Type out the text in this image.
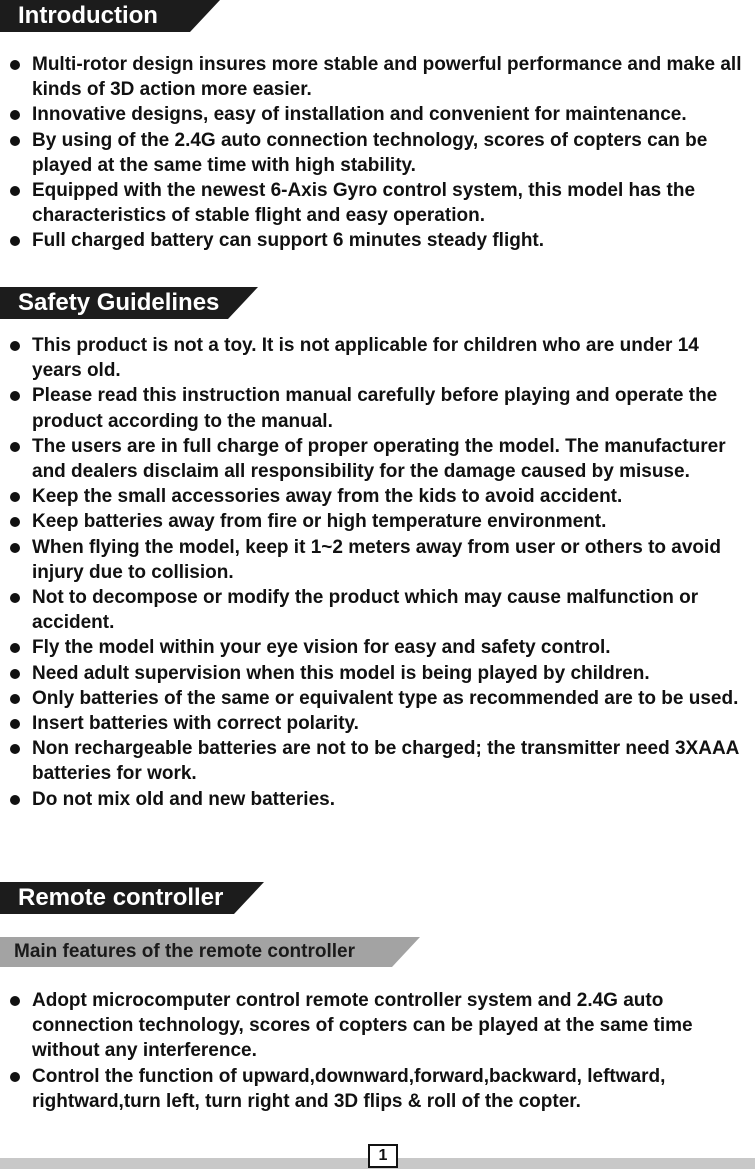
Introduction
Multi-rotor design insures more stable and powerful performance and make all kinds of 3D action more easier.
Innovative designs, easy of installation and convenient for maintenance.
By using of the 2.4G auto connection technology, scores of copters can be played at the same time with high stability.
Equipped with the newest 6-Axis Gyro control system, this model has the characteristics of stable flight and easy operation.
Full charged battery can support 6 minutes steady flight.
Safety Guidelines
This product is not a toy. It is not applicable for children who are under 14 years old.
Please read this instruction manual carefully before playing and operate the product according to the manual.
The users are in full charge of proper operating the model. The manufacturer and dealers disclaim all responsibility for the damage caused by misuse.
Keep the small accessories away from the kids to avoid accident.
Keep batteries away from fire or high temperature environment.
When flying the model, keep it 1~2 meters away from user or others to avoid injury due to collision.
Not to decompose or modify the product which may cause malfunction or accident.
Fly the model within your eye vision for easy and safety control.
Need adult supervision when this model is being played by children.
Only batteries of the same or equivalent type as recommended are to be used.
Insert batteries with correct polarity.
Non rechargeable batteries are not to be charged; the transmitter need 3XAAA batteries for work.
Do not mix old and new batteries.
Remote controller
Main features of the remote controller
Adopt microcomputer control remote controller system and 2.4G auto connection technology, scores of copters can be played at the same time without any interference.
Control the function of upward,downward,forward,backward, leftward, rightward,turn left, turn right and 3D flips & roll of the copter.
1
